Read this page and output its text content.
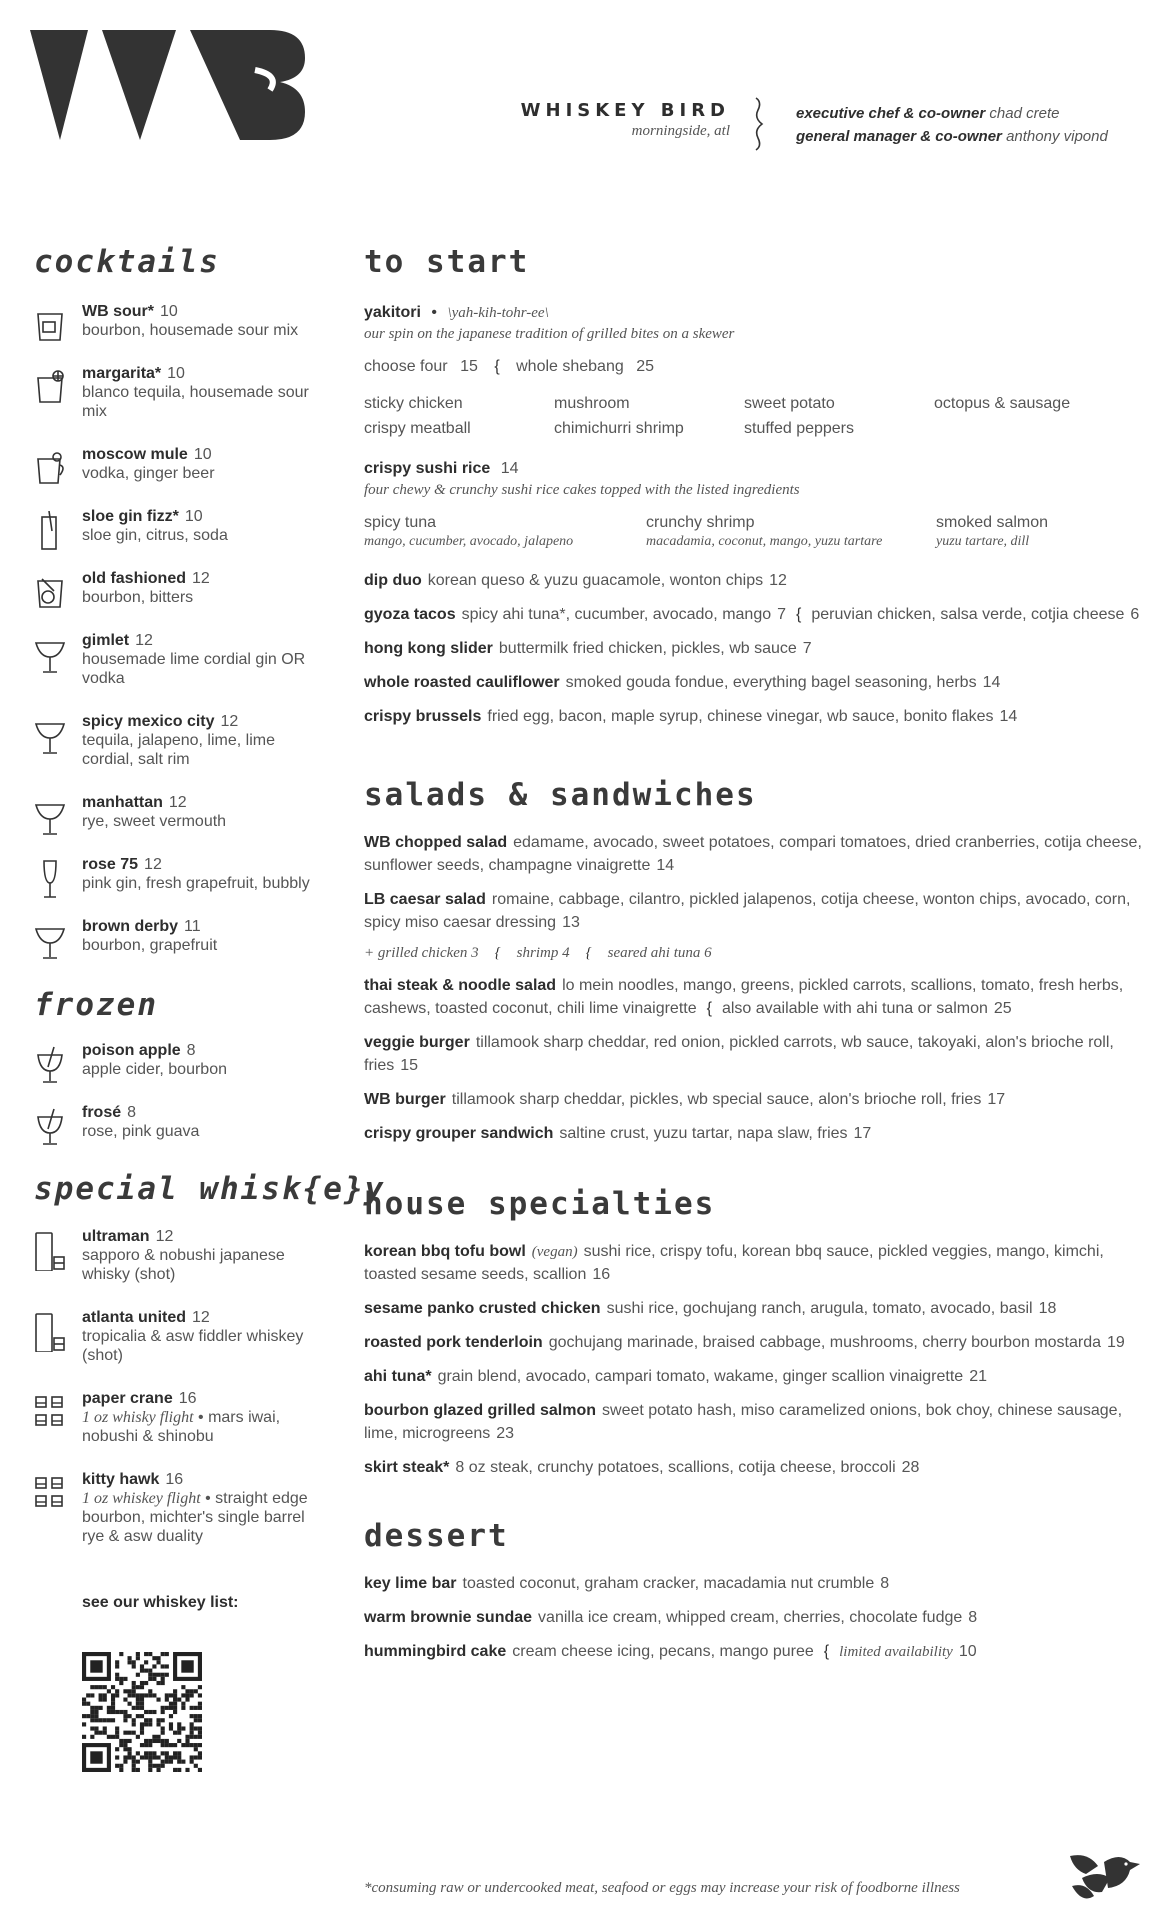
WHISKEY BIRD
morningside, atl
executive chef & co-owner chad crete
general manager & co-owner anthony vipond
cocktails
WB sour* 10
bourbon, housemade sour mix
margarita* 10
blanco tequila, housemade sour mix
moscow mule 10
vodka, ginger beer
sloe gin fizz* 10
sloe gin, citrus, soda
old fashioned 12
bourbon, bitters
gimlet 12
housemade lime cordial gin OR vodka
spicy mexico city 12
tequila, jalapeno, lime, lime cordial, salt rim
manhattan 12
rye, sweet vermouth
rose 75 12
pink gin, fresh grapefruit, bubbly
brown derby 11
bourbon, grapefruit
frozen
poison apple 8
apple cider, bourbon
frosé 8
rose, pink guava
special whisk{e}y
ultraman 12
sapporo & nobushi japanese whisky (shot)
atlanta united 12
tropicalia & asw fiddler whiskey (shot)
paper crane 16
1 oz whisky flight • mars iwai, nobushi & shinobu
kitty hawk 16
1 oz whiskey flight • straight edge bourbon, michter's single barrel rye & asw duality
see our whiskey list:
to start
yakitori • \yah-kih-tohr-ee\
our spin on the japanese tradition of grilled bites on a skewer
choose four 15 { whole shebang 25
sticky chicken	mushroom	sweet potato	octopus & sausage
crispy meatball	chimichurri shrimp	stuffed peppers
crispy sushi rice 14
four chewy & crunchy sushi rice cakes topped with the listed ingredients
spicy tuna
mango, cucumber, avocado, jalapeno
crunchy shrimp
macadamia, coconut, mango, yuzu tartare
smoked salmon
yuzu tartare, dill
dip duo korean queso & yuzu guacamole, wonton chips 12
gyoza tacos spicy ahi tuna*, cucumber, avocado, mango 7 { peruvian chicken, salsa verde, cotjia cheese 6
hong kong slider buttermilk fried chicken, pickles, wb sauce 7
whole roasted cauliflower smoked gouda fondue, everything bagel seasoning, herbs 14
crispy brussels fried egg, bacon, maple syrup, chinese vinegar, wb sauce, bonito flakes 14
salads & sandwiches
WB chopped salad edamame, avocado, sweet potatoes, compari tomatoes, dried cranberries, cotija cheese, sunflower seeds, champagne vinaigrette 14
LB caesar salad romaine, cabbage, cilantro, pickled jalapenos, cotija cheese, wonton chips, avocado, corn, spicy miso caesar dressing 13
+ grilled chicken 3 { shrimp 4 { seared ahi tuna 6
thai steak & noodle salad lo mein noodles, mango, greens, pickled carrots, scallions, tomato, fresh herbs, cashews, toasted coconut, chili lime vinaigrette { also available with ahi tuna or salmon 25
veggie burger tillamook sharp cheddar, red onion, pickled carrots, wb sauce, takoyaki, alon's brioche roll, fries 15
WB burger tillamook sharp cheddar, pickles, wb special sauce, alon's brioche roll, fries 17
crispy grouper sandwich saltine crust, yuzu tartar, napa slaw, fries 17
house specialties
korean bbq tofu bowl (vegan) sushi rice, crispy tofu, korean bbq sauce, pickled veggies, mango, kimchi, toasted sesame seeds, scallion 16
sesame panko crusted chicken sushi rice, gochujang ranch, arugula, tomato, avocado, basil 18
roasted pork tenderloin gochujang marinade, braised cabbage, mushrooms, cherry bourbon mostarda 19
ahi tuna* grain blend, avocado, campari tomato, wakame, ginger scallion vinaigrette 21
bourbon glazed grilled salmon sweet potato hash, miso caramelized onions, bok choy, chinese sausage, lime, microgreens 23
skirt steak* 8 oz steak, crunchy potatoes, scallions, cotija cheese, broccoli 28
dessert
key lime bar toasted coconut, graham cracker, macadamia nut crumble 8
warm brownie sundae vanilla ice cream, whipped cream, cherries, chocolate fudge 8
hummingbird cake cream cheese icing, pecans, mango puree { limited availability 10
*consuming raw or undercooked meat, seafood or eggs may increase your risk of foodborne illness
